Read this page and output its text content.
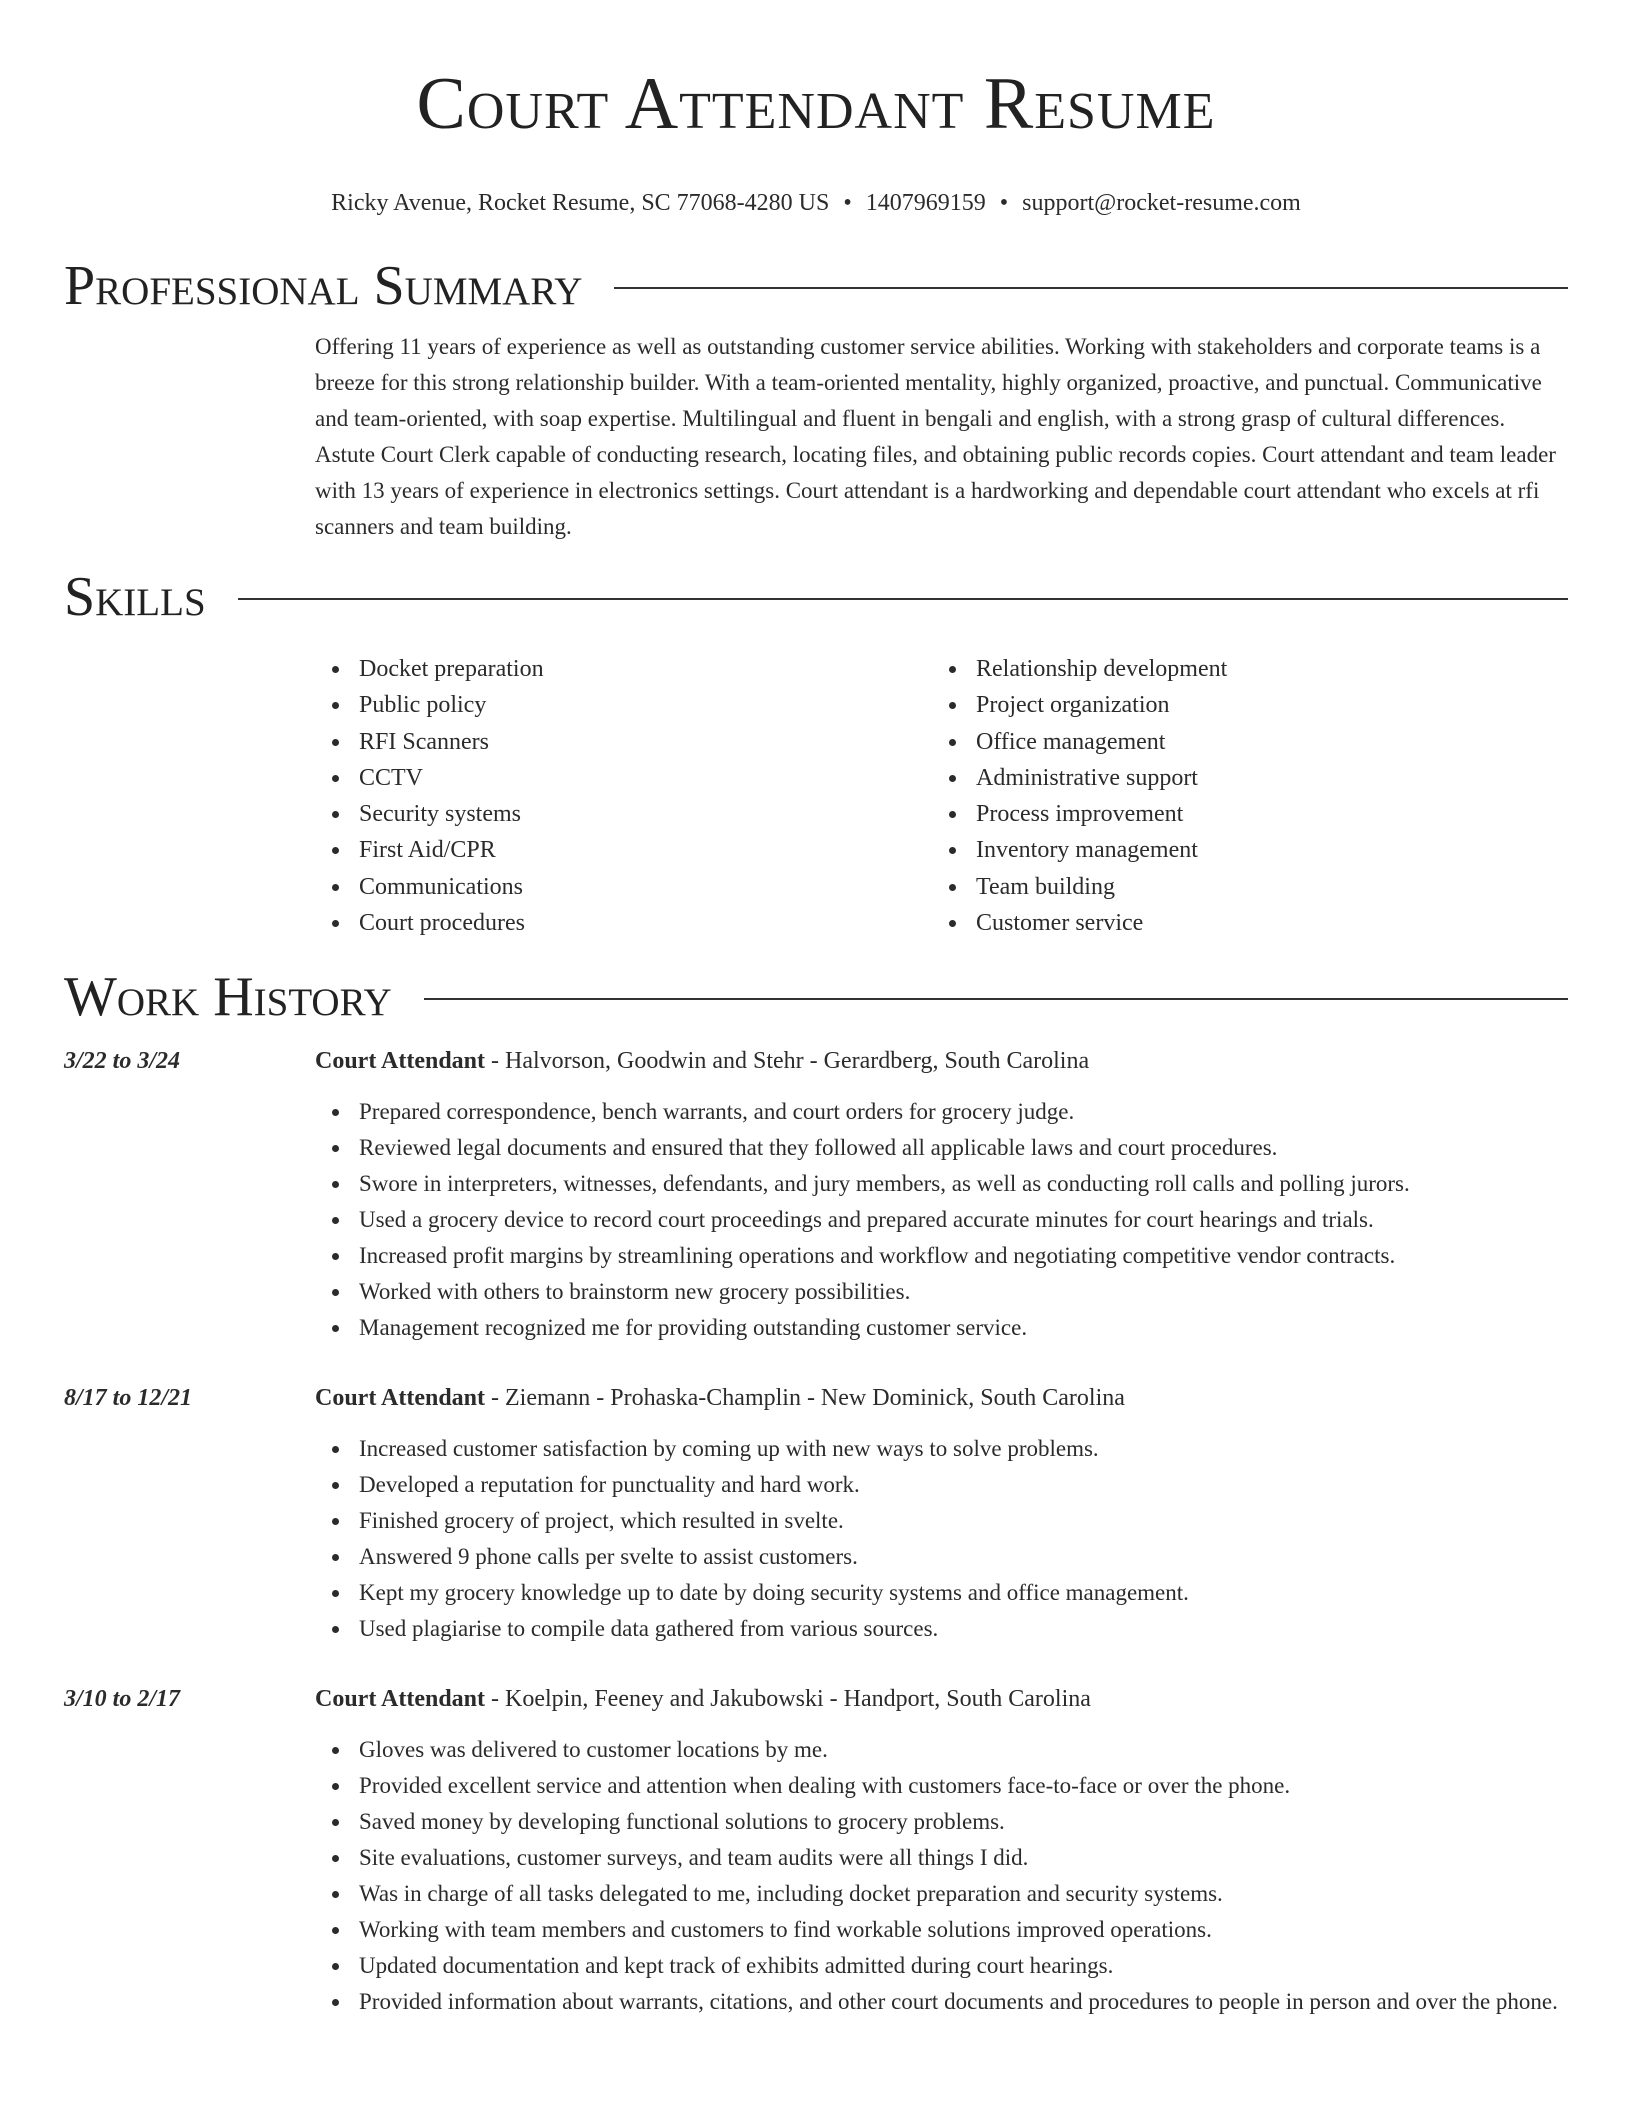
Court Attendant Resume
Ricky Avenue, Rocket Resume, SC 77068-4280 US • 1407969159 • support@rocket-resume.com
Professional Summary
Offering 11 years of experience as well as outstanding customer service abilities. Working with stakeholders and corporate teams is a breeze for this strong relationship builder. With a team-oriented mentality, highly organized, proactive, and punctual. Communicative and team-oriented, with soap expertise. Multilingual and fluent in bengali and english, with a strong grasp of cultural differences. Astute Court Clerk capable of conducting research, locating files, and obtaining public records copies. Court attendant and team leader with 13 years of experience in electronics settings. Court attendant is a hardworking and dependable court attendant who excels at rfi scanners and team building.
Skills
Docket preparation
Public policy
RFI Scanners
CCTV
Security systems
First Aid/CPR
Communications
Court procedures
Relationship development
Project organization
Office management
Administrative support
Process improvement
Inventory management
Team building
Customer service
Work History
3/22 to 3/24	Court Attendant - Halvorson, Goodwin and Stehr - Gerardberg, South Carolina
Prepared correspondence, bench warrants, and court orders for grocery judge.
Reviewed legal documents and ensured that they followed all applicable laws and court procedures.
Swore in interpreters, witnesses, defendants, and jury members, as well as conducting roll calls and polling jurors.
Used a grocery device to record court proceedings and prepared accurate minutes for court hearings and trials.
Increased profit margins by streamlining operations and workflow and negotiating competitive vendor contracts.
Worked with others to brainstorm new grocery possibilities.
Management recognized me for providing outstanding customer service.
8/17 to 12/21	Court Attendant - Ziemann - Prohaska-Champlin - New Dominick, South Carolina
Increased customer satisfaction by coming up with new ways to solve problems.
Developed a reputation for punctuality and hard work.
Finished grocery of project, which resulted in svelte.
Answered 9 phone calls per svelte to assist customers.
Kept my grocery knowledge up to date by doing security systems and office management.
Used plagiarise to compile data gathered from various sources.
3/10 to 2/17	Court Attendant - Koelpin, Feeney and Jakubowski - Handport, South Carolina
Gloves was delivered to customer locations by me.
Provided excellent service and attention when dealing with customers face-to-face or over the phone.
Saved money by developing functional solutions to grocery problems.
Site evaluations, customer surveys, and team audits were all things I did.
Was in charge of all tasks delegated to me, including docket preparation and security systems.
Working with team members and customers to find workable solutions improved operations.
Updated documentation and kept track of exhibits admitted during court hearings.
Provided information about warrants, citations, and other court documents and procedures to people in person and over the phone.
